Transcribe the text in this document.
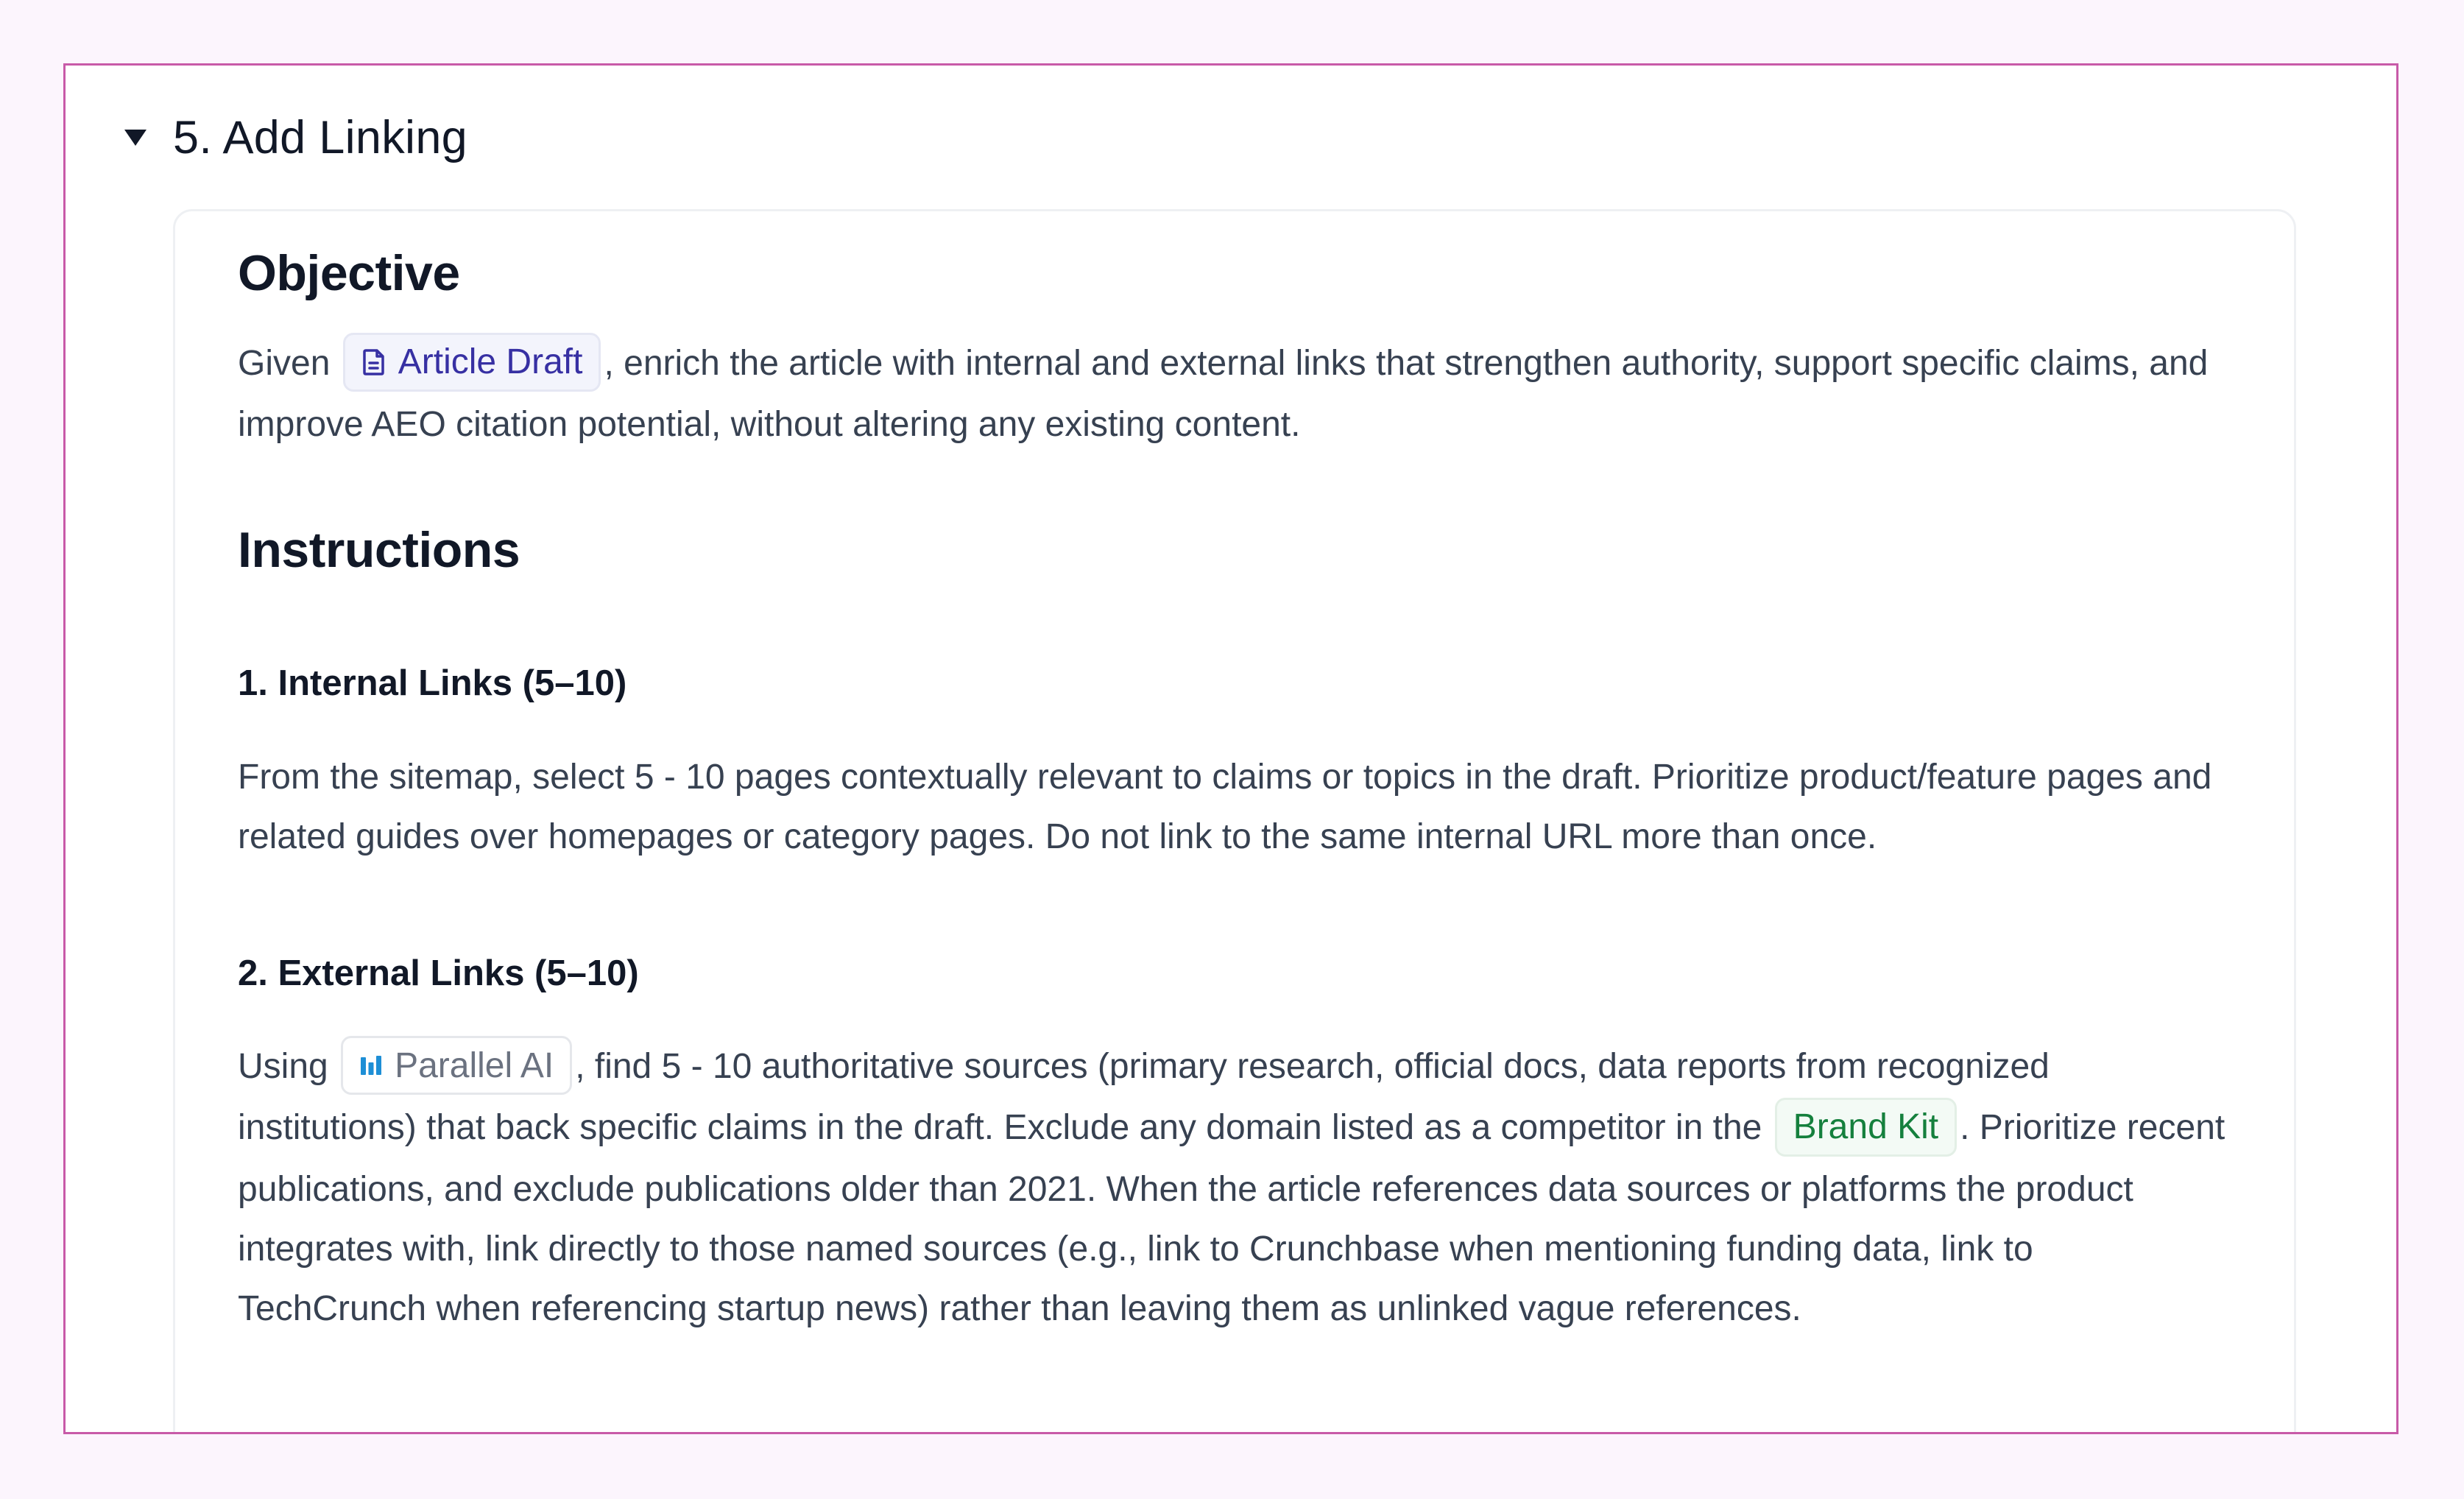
5. Add Linking
Objective

Given Article Draft , enrich the article with internal and external links that strengthen authority, support specific claims, and improve AEO citation potential, without altering any existing content.

Instructions
1. Internal Links (5–10)

From the sitemap, select 5 - 10 pages contextually relevant to claims or topics in the draft. Prioritize product/feature pages and related guides over homepages or category pages. Do not link to the same internal URL more than once.

2. External Links (5–10)

Using Parallel AI , find 5 - 10 authoritative sources (primary research, official docs, data reports from recognized institutions) that back specific claims in the draft. Exclude any domain listed as a competitor in the Brand Kit . Prioritize recent publications, and exclude publications older than 2021. When the article references data sources or platforms the product integrates with, link directly to those named sources (e.g., link to Crunchbase when mentioning funding data, link to TechCrunch when referencing startup news) rather than leaving them as unlinked vague references.
